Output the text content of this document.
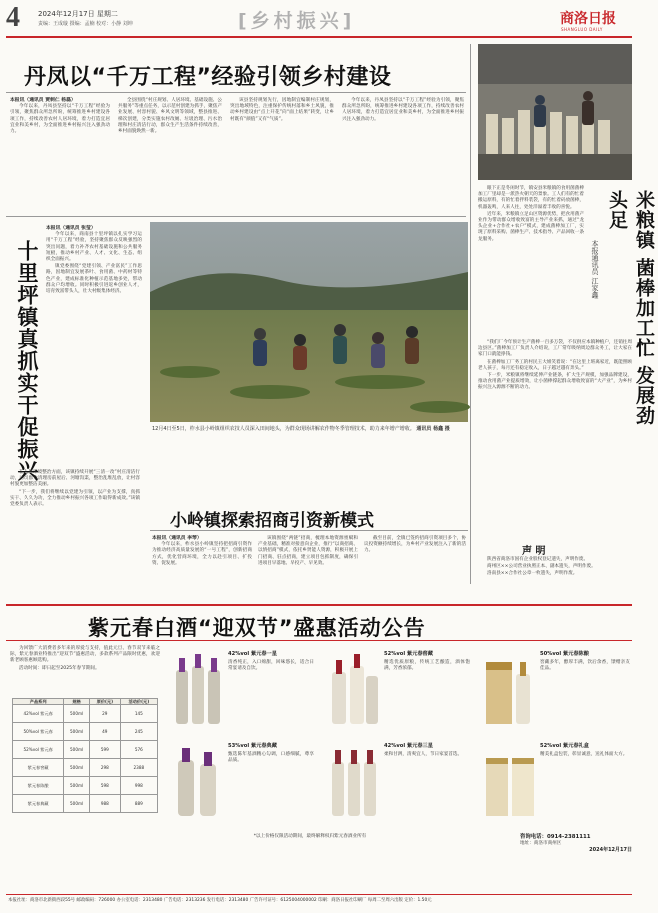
4	2024年12月17日 星期二
责编：王成璇 摄编：孟楠 校对：小静 刘坤	[乡村振兴]	商洛日报
SHANGLUO DAILY
丹凤以“千万工程”经验引领乡村建设
本报讯（通讯员 贾刺仁 杨磊）

今年以来，丹凤县坚持以“千万工程”经验为引领，聚焦群众所急所盼，统筹推进乡村建设各项工作，持续改善农村人居环境，着力打造宜居宜业和美乡村，为全面推进乡村振兴注入强劲动力。

全县围绕“村庄规划、人居环境、基础设施、公共服务”等重点任务，以示范村创建为抓手，聚焦产业发展、村容村貌、乡风文明等领域，整县推进、梯次创建，分类实施农村改厕、垃圾治理、污水治理和村庄清洁行动，群众生产生活条件持续改善，乡村面貌焕然一新。

该县坚持规划先行，因地制宜编制村庄规划，突出地域特色，注重保护传统村落和乡土风貌，推动乡村建设由“点上开花”向“面上结果”转变，让乡村既有“颜值”又有“气质”。

今年以来，丹凤县坚持以“千万工程”经验为引领，聚焦群众所急所盼，统筹推进乡村建设各项工作，持续改善农村人居环境，着力打造宜居宜业和美乡村，为全面推进乡村振兴注入强劲动力。

十里坪镇真抓实干促振兴
本报讯（通讯员 张莹）

今年以来，商南县十里坪镇以扎实学习运用“千万工程”经验，坚持聚焦群众反映强烈的突出问题，着力补齐农村基础设施和公共服务短板，推动乡村产业、人才、文化、生态、组织全面振兴。

镇党委围绕“党建引领、产业富民”工作思路，因地制宜发展茶叶、食用菌、中药材等特色产业，建成标准化种植示范基地多处，带动群众户均增收。同时积极引进返乡创业人才，培育致富带头人，壮大村级集体经济。

在人居环境整治方面，该镇持续开展“三清一改”村庄清洁行动，动员群众清理房前屋后、河塘沟渠，整治乱堆乱放，让村容村貌更加整洁美丽。

“下一步，我们将继续以党建为引领，以产业为支撑，真抓实干、久久为功，全力推动乡村振兴各项工作取得新成效。”该镇党委负责人表示。

12月4日至5日，柞水县小岭镇组织农技人员深入田间地头，为群众现场讲解农作物冬季管理技术，助力来年增产增收。 通讯员 杨鑫 摄
小岭镇探索招商引资新模式
本报讯（通讯员 李琴）

今年以来，柞水县小岭镇坚持把招商引资作为推动经济高质量发展的“一号工程”，创新招商方式，优化营商环境，全力以赴引项目、扩投资、促发展。

该镇围绕“两链”招商，梳理本地资源禀赋和产业基础，精准对接意向企业，推行“以商招商、以情招商”模式，依托乡贤能人资源，积极开展上门招商、驻点招商，建立项目包抓制度，确保引进项目早落地、早投产、早见效。

截至目前，全镇已签约招商引资项目多个，协议投资额持续增长，为乡村产业发展注入了新的活力。

米粮镇 菌棒加工忙 发展劲头足
本报通讯员 江家鑫

眼下正是冬闲时节，镇安县米粮镇的食用菌菌棒加工厂里却是一派热火朝天的景象。工人们有的忙着搬运原料，有的忙着拌料装袋，有的忙着码放菌棒，机器轰鸣，人来人往，处处洋溢着丰收的喜悦。

近年来，米粮镇立足山区资源优势，把食用菌产业作为带动群众增收致富的主导产业来抓，通过“龙头企业+合作社+农户”模式，建成菌棒加工厂，实现了原料采购、菌棒生产、技术指导、产品回收一条龙服务。

“我们厂今年预计生产菌棒一百多万袋，不仅供应本镇种植户，还销往周边县区。”菌棒加工厂负责人介绍说，工厂常年吸纳周边群众务工，让大家在家门口就能挣钱。

在菌棒加工厂务工的村民王大姐笑着说：“在这里上班离家近，既能照顾老人孩子，每月还有稳定收入，日子越过越有奔头。”

下一步，米粮镇将继续延伸产业链条，扩大生产规模，加强品牌建设，推动食用菌产业提质增效，让小菌棒撑起群众增收致富的“大产业”，为乡村振兴注入源源不断的动力。

声 明

陕西省商洛市国有企业股权登记遗失，声明作废。

商州区××公司营业执照正本、副本遗失，声明作废。

洛南县××合作社公章一枚遗失，声明作废。

紫元春白酒“迎双节”盛惠活动公告

为回馈广大消费者多年来的厚爱与支持，值此元旦、春节双节来临之际，紫元春酒业特推出“迎双节”盛惠活动，多款系列产品限时优惠，欢迎新老顾客惠顾选购。

活动时间：即日起至2025年春节期间。

产品系列	规格	原价(元)	活动价(元)
42%vol 紫元春	500ml	29	145
50%vol 紫元春	500ml	49	245
52%vol 紫元春	500ml	599	576
紫元春窖藏	500ml	298	2388
紫元春陈酿	500ml	598	998
紫元春典藏	500ml	988	889
42%vol 紫元春一星
清香纯正，入口绵甜，回味悠长，适合日常宴请及自饮。
52%vol 紫元春窖藏
精选优质原粮，传统工艺酿造，酒体饱满，芳香浓郁。
50%vol 紫元春陈酿
窖藏多年，醇厚丰满，饮后余香，馈赠亲友佳品。
53%vol 紫元春典藏
甄选陈年基酒精心勾调，口感细腻，尊享品质。
42%vol 紫元春三星
柔和甘洌，清爽宜人，节日家宴首选。
52%vol 紫元春礼盒
精美礼盒包装，彰显诚意，送礼体面大方。
*以上价格仅限活动期间，最终解释权归紫元春酒业所有	咨询电话：0914-2381111
地址：商洛市商州区
2024年12月17日
本报社址：商洛市北新街西段55号 邮政编码：726000 办公室电话：2313480 广告电话：2313236 发行电话：2313480 广告许可证号：6125004000002 印刷：商洛日报社印刷厂 每周二至周六出版 定价：1.50元
